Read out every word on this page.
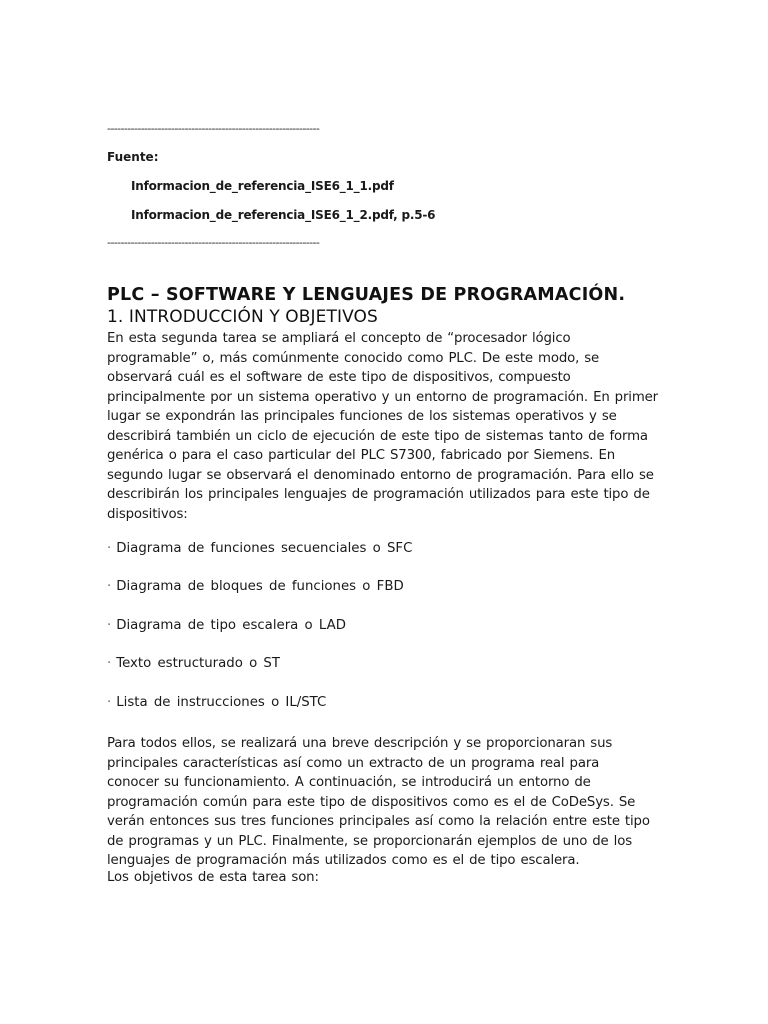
---------------------------------------------------------------
Fuente:
Informacion_de_referencia_ISE6_1_1.pdf
Informacion_de_referencia_ISE6_1_2.pdf, p.5-6
---------------------------------------------------------------
PLC – SOFTWARE Y LENGUAJES DE PROGRAMACIÓN.
1. INTRODUCCIÓN Y OBJETIVOS
En esta segunda tarea se ampliará el concepto de “procesador lógico
programable” o, más comúnmente conocido como PLC. De este modo, se
observará cuál es el software de este tipo de dispositivos, compuesto
principalmente por un sistema operativo y un entorno de programación. En primer
lugar se expondrán las principales funciones de los sistemas operativos y se
describirá también un ciclo de ejecución de este tipo de sistemas tanto de forma
genérica o para el caso particular del PLC S7300, fabricado por Siemens. En
segundo lugar se observará el denominado entorno de programación. Para ello se
describirán los principales lenguajes de programación utilizados para este tipo de
dispositivos:
· Diagrama de funciones secuenciales o SFC
· Diagrama de bloques de funciones o FBD
· Diagrama de tipo escalera o LAD
· Texto estructurado o ST
· Lista de instrucciones o IL/STC
Para todos ellos, se realizará una breve descripción y se proporcionaran sus
principales características así como un extracto de un programa real para
conocer su funcionamiento. A continuación, se introducirá un entorno de
programación común para este tipo de dispositivos como es el de CoDeSys. Se
verán entonces sus tres funciones principales así como la relación entre este tipo
de programas y un PLC. Finalmente, se proporcionarán ejemplos de uno de los
lenguajes de programación más utilizados como es el de tipo escalera.
Los objetivos de esta tarea son:
